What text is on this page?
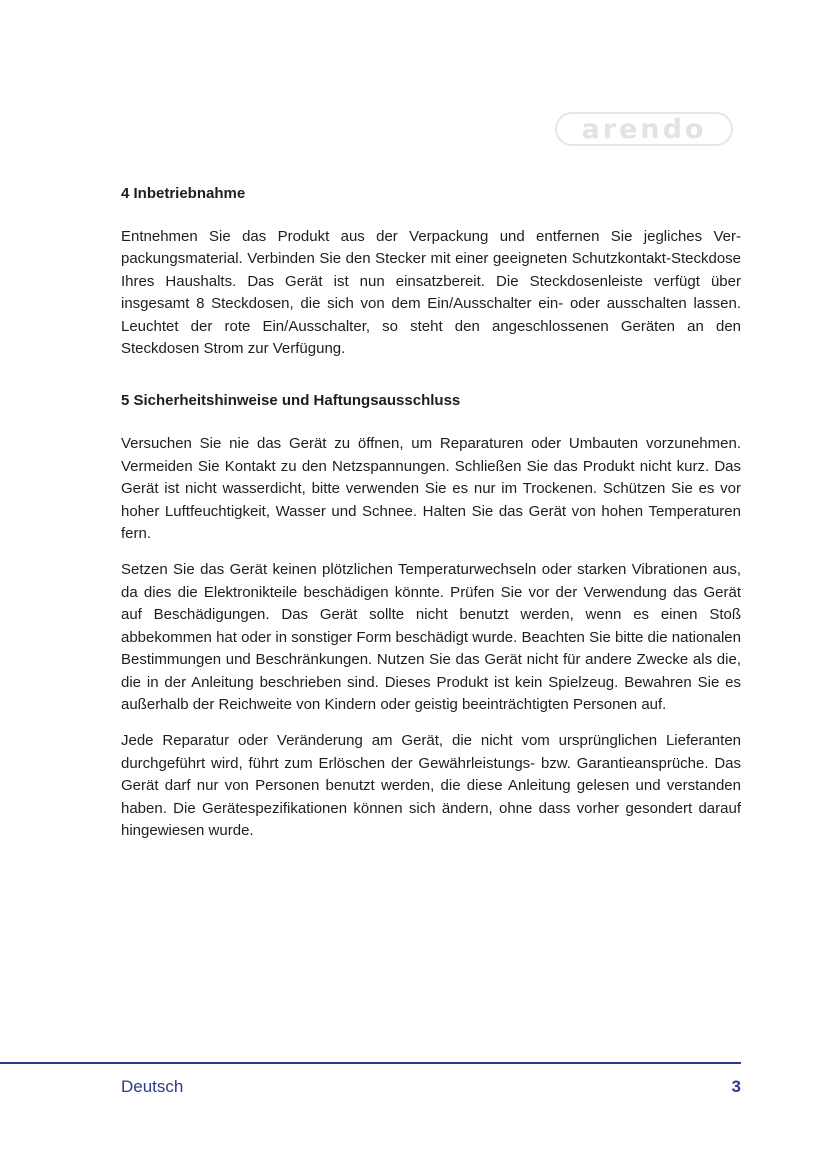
arendo
4 Inbetriebnahme

Entnehmen Sie das Produkt aus der Verpackung und entfernen Sie jegliches Verpackungsmaterial. Verbinden Sie den Stecker mit einer geeigneten Schutzkontakt-Steckdose Ihres Haushalts. Das Gerät ist nun einsatzbereit. Die Steckdosenleiste verfügt über insgesamt 8 Steckdosen, die sich von dem Ein/Ausschalter ein- oder ausschalten lassen. Leuchtet der rote Ein/Ausschalter, so steht den angeschlossenen Geräten an den Steckdosen Strom zur Verfügung.

5 Sicherheitshinweise und Haftungsausschluss

Versuchen Sie nie das Gerät zu öffnen, um Reparaturen oder Umbauten vorzunehmen. Vermeiden Sie Kontakt zu den Netzspannungen. Schließen Sie das Produkt nicht kurz. Das Gerät ist nicht wasserdicht, bitte verwenden Sie es nur im Trockenen. Schützen Sie es vor hoher Luftfeuchtigkeit, Wasser und Schnee. Halten Sie das Gerät von hohen Temperaturen fern.

Setzen Sie das Gerät keinen plötzlichen Temperaturwechseln oder starken Vibrationen aus, da dies die Elektronikteile beschädigen könnte. Prüfen Sie vor der Verwendung das Gerät auf Beschädigungen. Das Gerät sollte nicht benutzt werden, wenn es einen Stoß abbekommen hat oder in sonstiger Form beschädigt wurde. Beachten Sie bitte die nationalen Bestimmungen und Beschränkungen. Nutzen Sie das Gerät nicht für andere Zwecke als die, die in der Anleitung beschrieben sind. Dieses Produkt ist kein Spielzeug. Bewahren Sie es außerhalb der Reichweite von Kindern oder geistig beeinträchtigten Personen auf.

Jede Reparatur oder Veränderung am Gerät, die nicht vom ursprünglichen Lieferanten durchgeführt wird, führt zum Erlöschen der Gewährleistungs- bzw. Garantieansprüche. Das Gerät darf nur von Personen benutzt werden, die diese Anleitung gelesen und verstanden haben. Die Gerätespezifikationen können sich ändern, ohne dass vorher gesondert darauf hingewiesen wurde.

Deutsch	3
